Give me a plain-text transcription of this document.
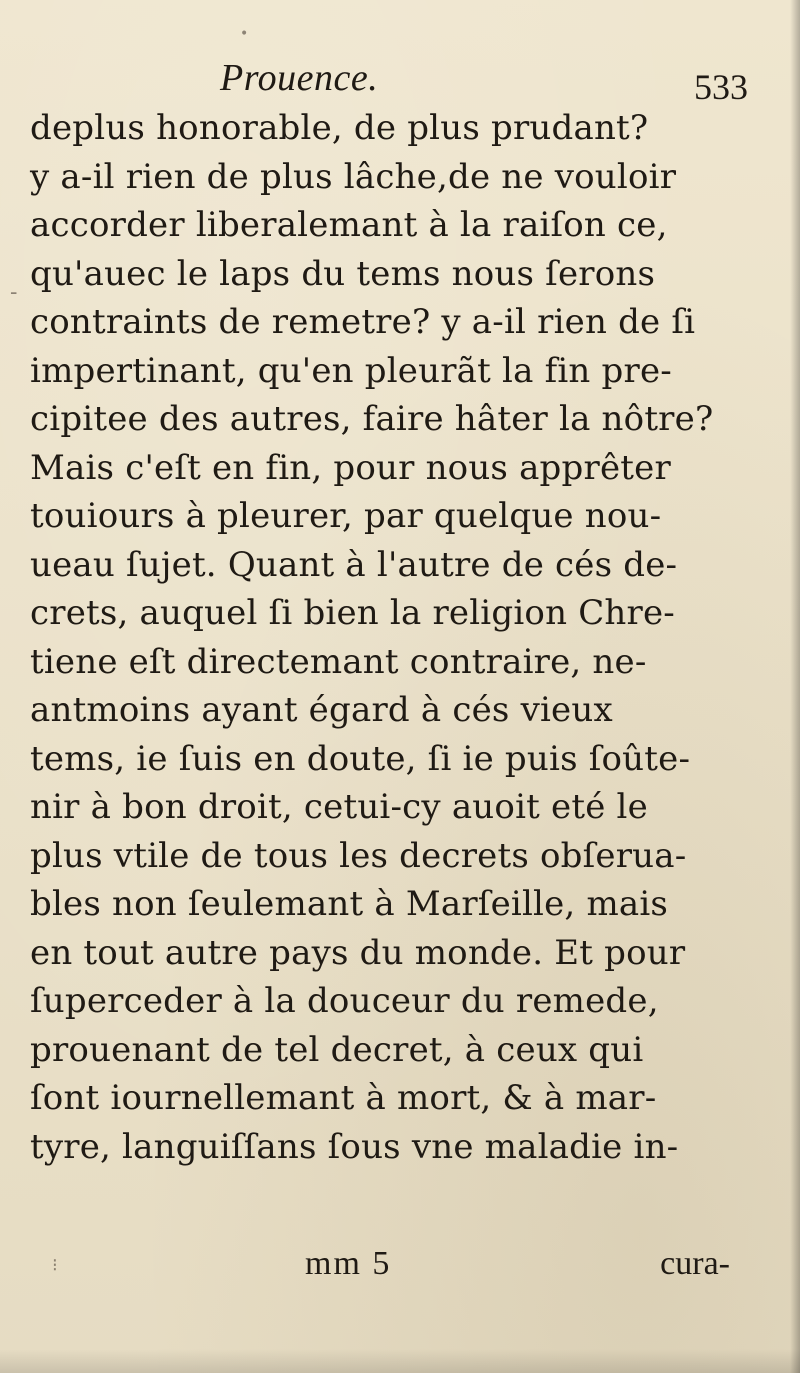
Prouence.	533
deplus honorable, de plus prudant?
y a-il rien de plus lâche,de ne vouloir
accorder liberalemant à la raiſon ce,
qu'auec le laps du tems nous ſerons
contraints de remetre? y a-il rien de ſi
impertinant, qu'en pleurãt la fin pre-
cipitee des autres, faire hâter la nôtre?
Mais c'eſt en fin, pour nous apprêter
touiours à pleurer, par quelque nou-
ueau ſujet. Quant à l'autre de cés de-
crets, auquel ſi bien la religion Chre-
tiene eſt directemant contraire, ne-
antmoins ayant égard à cés vieux
tems, ie ſuis en doute, ſi ie puis ſoûte-
nir à bon droit, cetui-cy auoit eté le
plus vtile de tous les decrets obſerua-
bles non ſeulemant à Marſeille, mais
en tout autre pays du monde. Et pour
ſuperceder à la douceur du remede,
prouenant de tel decret, à ceux qui
ſont iournellemant à mort, & à mar-
tyre, languiſſans ſous vne maladie in-
mm 5	cura-
•
-
⁝
